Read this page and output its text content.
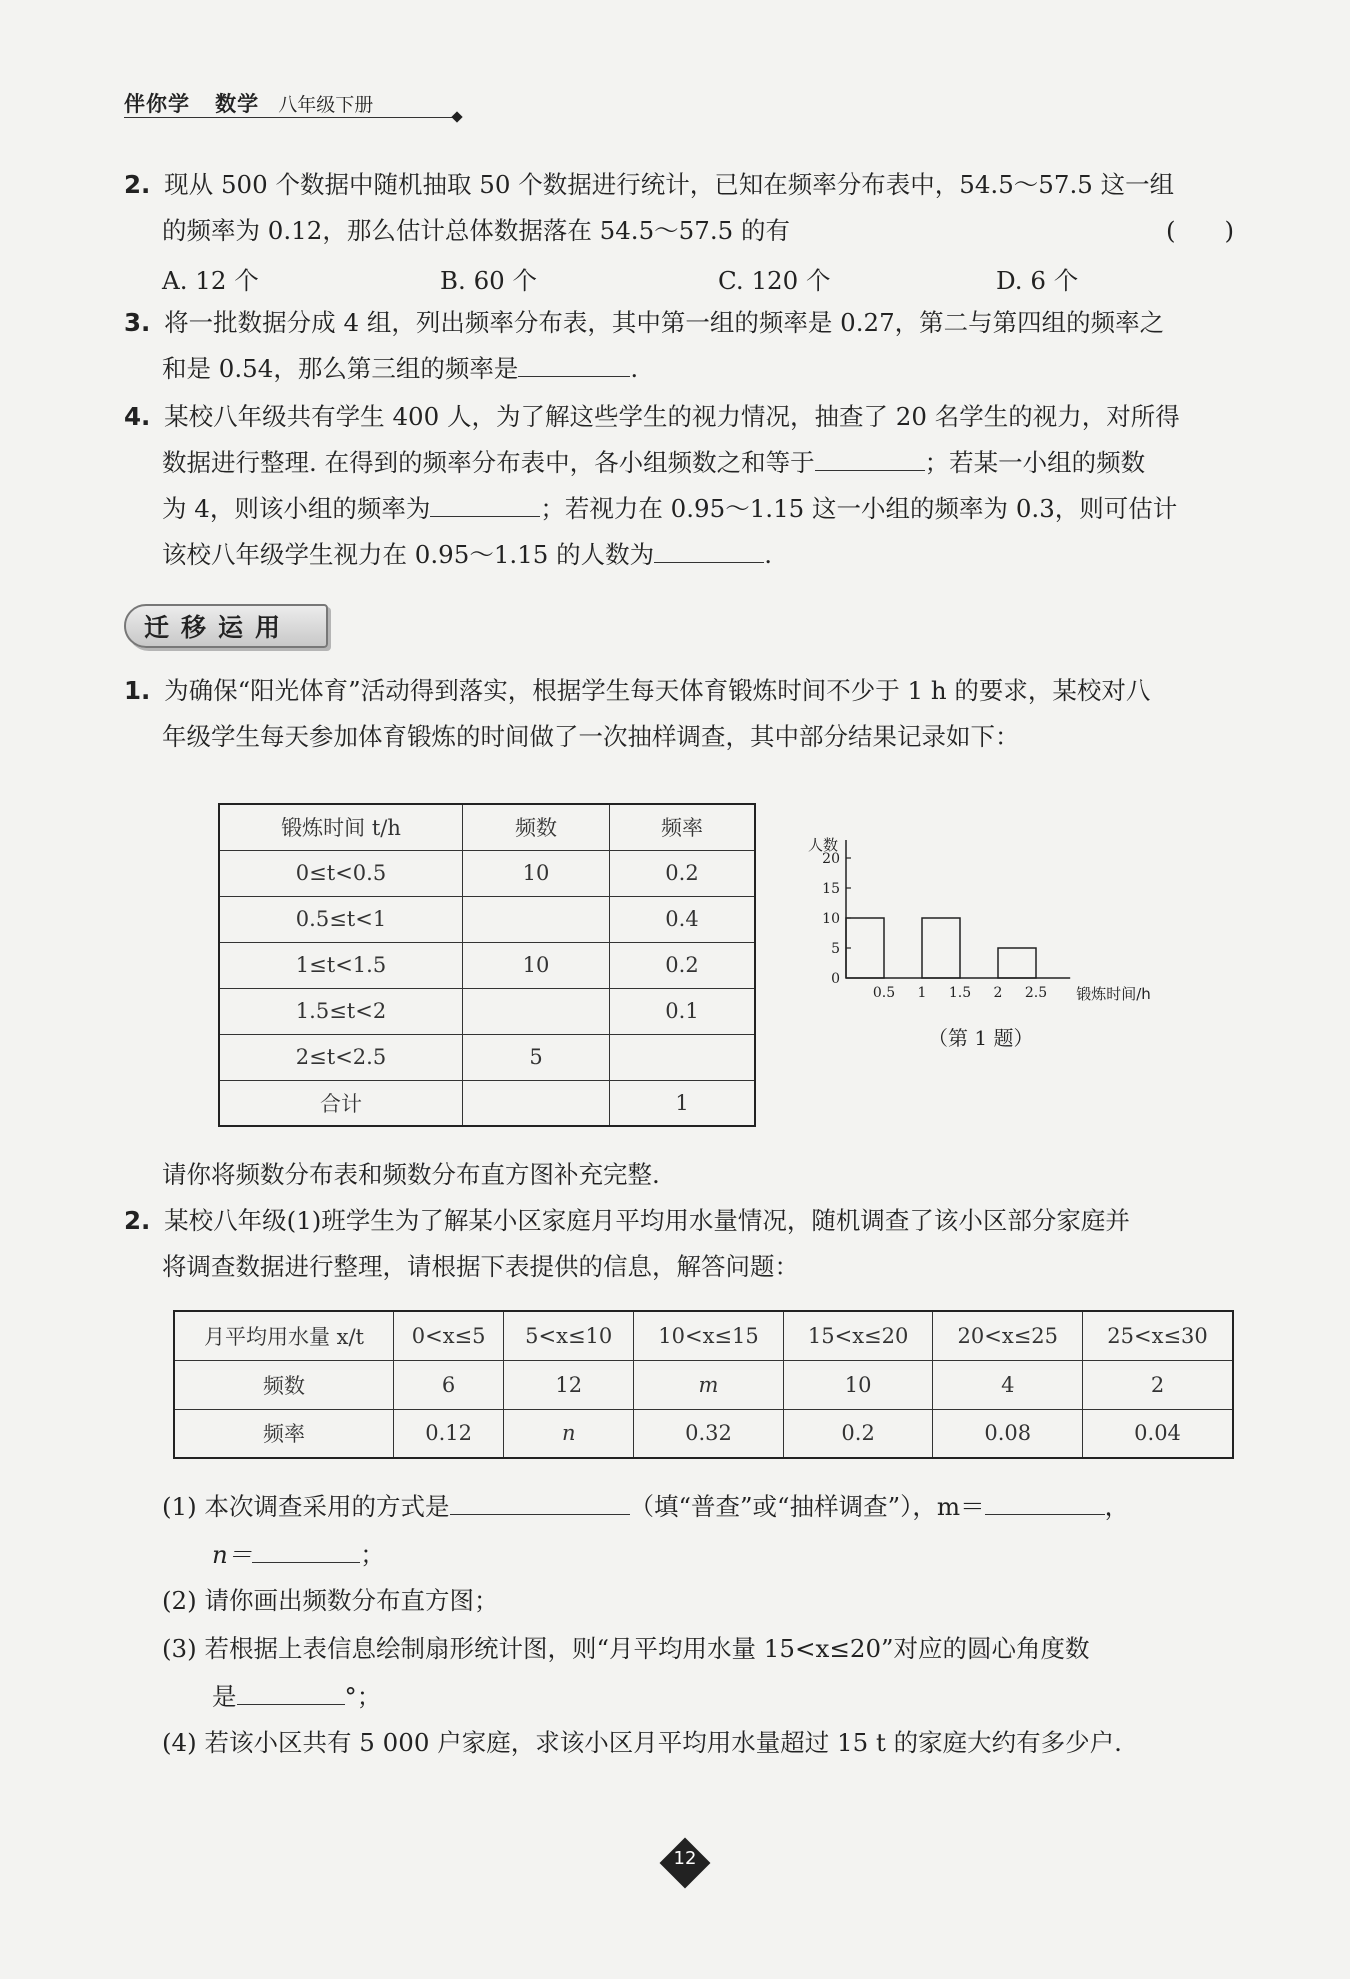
伴你学 数学 八年级下册
2. 现从 500 个数据中随机抽取 50 个数据进行统计，已知在频率分布表中，54.5～57.5 这一组
的频率为 0.12，那么估计总体数据落在 54.5～57.5 的有	(　　)
A. 12 个	B. 60 个	C. 120 个	D. 6 个
3. 将一批数据分成 4 组，列出频率分布表，其中第一组的频率是 0.27，第二与第四组的频率之
和是 0.54，那么第三组的频率是	.
4. 某校八年级共有学生 400 人，为了解这些学生的视力情况，抽查了 20 名学生的视力，对所得
数据进行整理. 在得到的频率分布表中，各小组频数之和等于	；若某一小组的频数
为 4，则该小组的频率为	；若视力在 0.95～1.15 这一小组的频率为 0.3，则可估计
该校八年级学生视力在 0.95～1.15 的人数为	.
迁移运用
1. 为确保“阳光体育”活动得到落实，根据学生每天体育锻炼时间不少于 1 h 的要求，某校对八
年级学生每天参加体育锻炼的时间做了一次抽样调查，其中部分结果记录如下：
锻炼时间 t/h	频数	频率
0≤t<0.5	10	0.2
0.5≤t<1		0.4
1≤t<1.5	10	0.2
1.5≤t<2		0.1
2≤t<2.5	5	
合计		1
0
5
10
15
20
0.5 1 1.5 2 2.5
人数
锻炼时间/h
（第 1 题）
请你将频数分布表和频数分布直方图补充完整.
2. 某校八年级(1)班学生为了解某小区家庭月平均用水量情况，随机调查了该小区部分家庭并
将调查数据进行整理，请根据下表提供的信息，解答问题：
月平均用水量 x/t	0<x≤5	5<x≤10	10<x≤15	15<x≤20	20<x≤25	25<x≤30
频数	6	12	m	10	4	2
频率	0.12	n	0.32	0.2	0.08	0.04
(1) 本次调查采用的方式是	（填“普查”或“抽样调查”），m＝	，
n＝	；
(2) 请你画出频数分布直方图；
(3) 若根据上表信息绘制扇形统计图，则“月平均用水量 15<x≤20”对应的圆心角度数
是	°；
(4) 若该小区共有 5 000 户家庭，求该小区月平均用水量超过 15 t 的家庭大约有多少户.
12
